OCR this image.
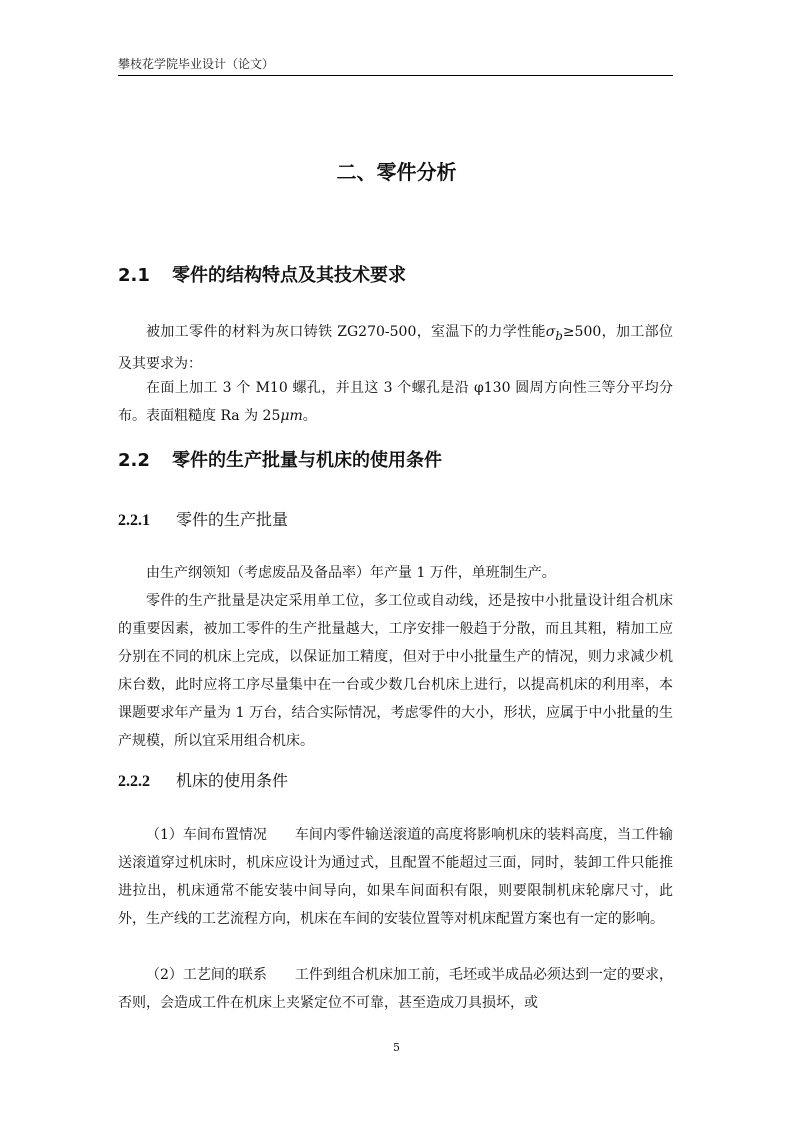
攀枝花学院毕业设计（论文）
二、零件分析
2.1 零件的结构特点及其技术要求

被加工零件的材料为灰口铸铁 ZG270-500，室温下的力学性能$\sigma_b\ge 500$，加工部位及其要求为：

在面上加工 3 个 M10 螺孔，并且这 3 个螺孔是沿 φ130 圆周方向性三等分平均分布。表面粗糙度 Ra 为 25μm。

2.2 零件的生产批量与机床的使用条件
2.2.1 零件的生产批量

由生产纲领知（考虑废品及备品率）年产量 1 万件，单班制生产。

零件的生产批量是决定采用单工位，多工位或自动线，还是按中小批量设计组合机床的重要因素，被加工零件的生产批量越大，工序安排一般趋于分散，而且其粗，精加工应分别在不同的机床上完成，以保证加工精度，但对于中小批量生产的情况，则力求减少机床台数，此时应将工序尽量集中在一台或少数几台机床上进行，以提高机床的利用率，本课题要求年产量为 1 万台，结合实际情况，考虑零件的大小，形状，应属于中小批量的生产规模，所以宜采用组合机床。

2.2.2 机床的使用条件

（1）车间布置情况　　车间内零件输送滚道的高度将影响机床的装料高度，当工件输送滚道穿过机床时，机床应设计为通过式，且配置不能超过三面，同时，装卸工件只能推进拉出，机床通常不能安装中间导向，如果车间面积有限，则要限制机床轮廓尺寸，此外，生产线的工艺流程方向，机床在车间的安装位置等对机床配置方案也有一定的影响。

（2）工艺间的联系　　工件到组合机床加工前，毛坯或半成品必须达到一定的要求，否则，会造成工件在机床上夹紧定位不可靠，甚至造成刀具损坏，或

5
